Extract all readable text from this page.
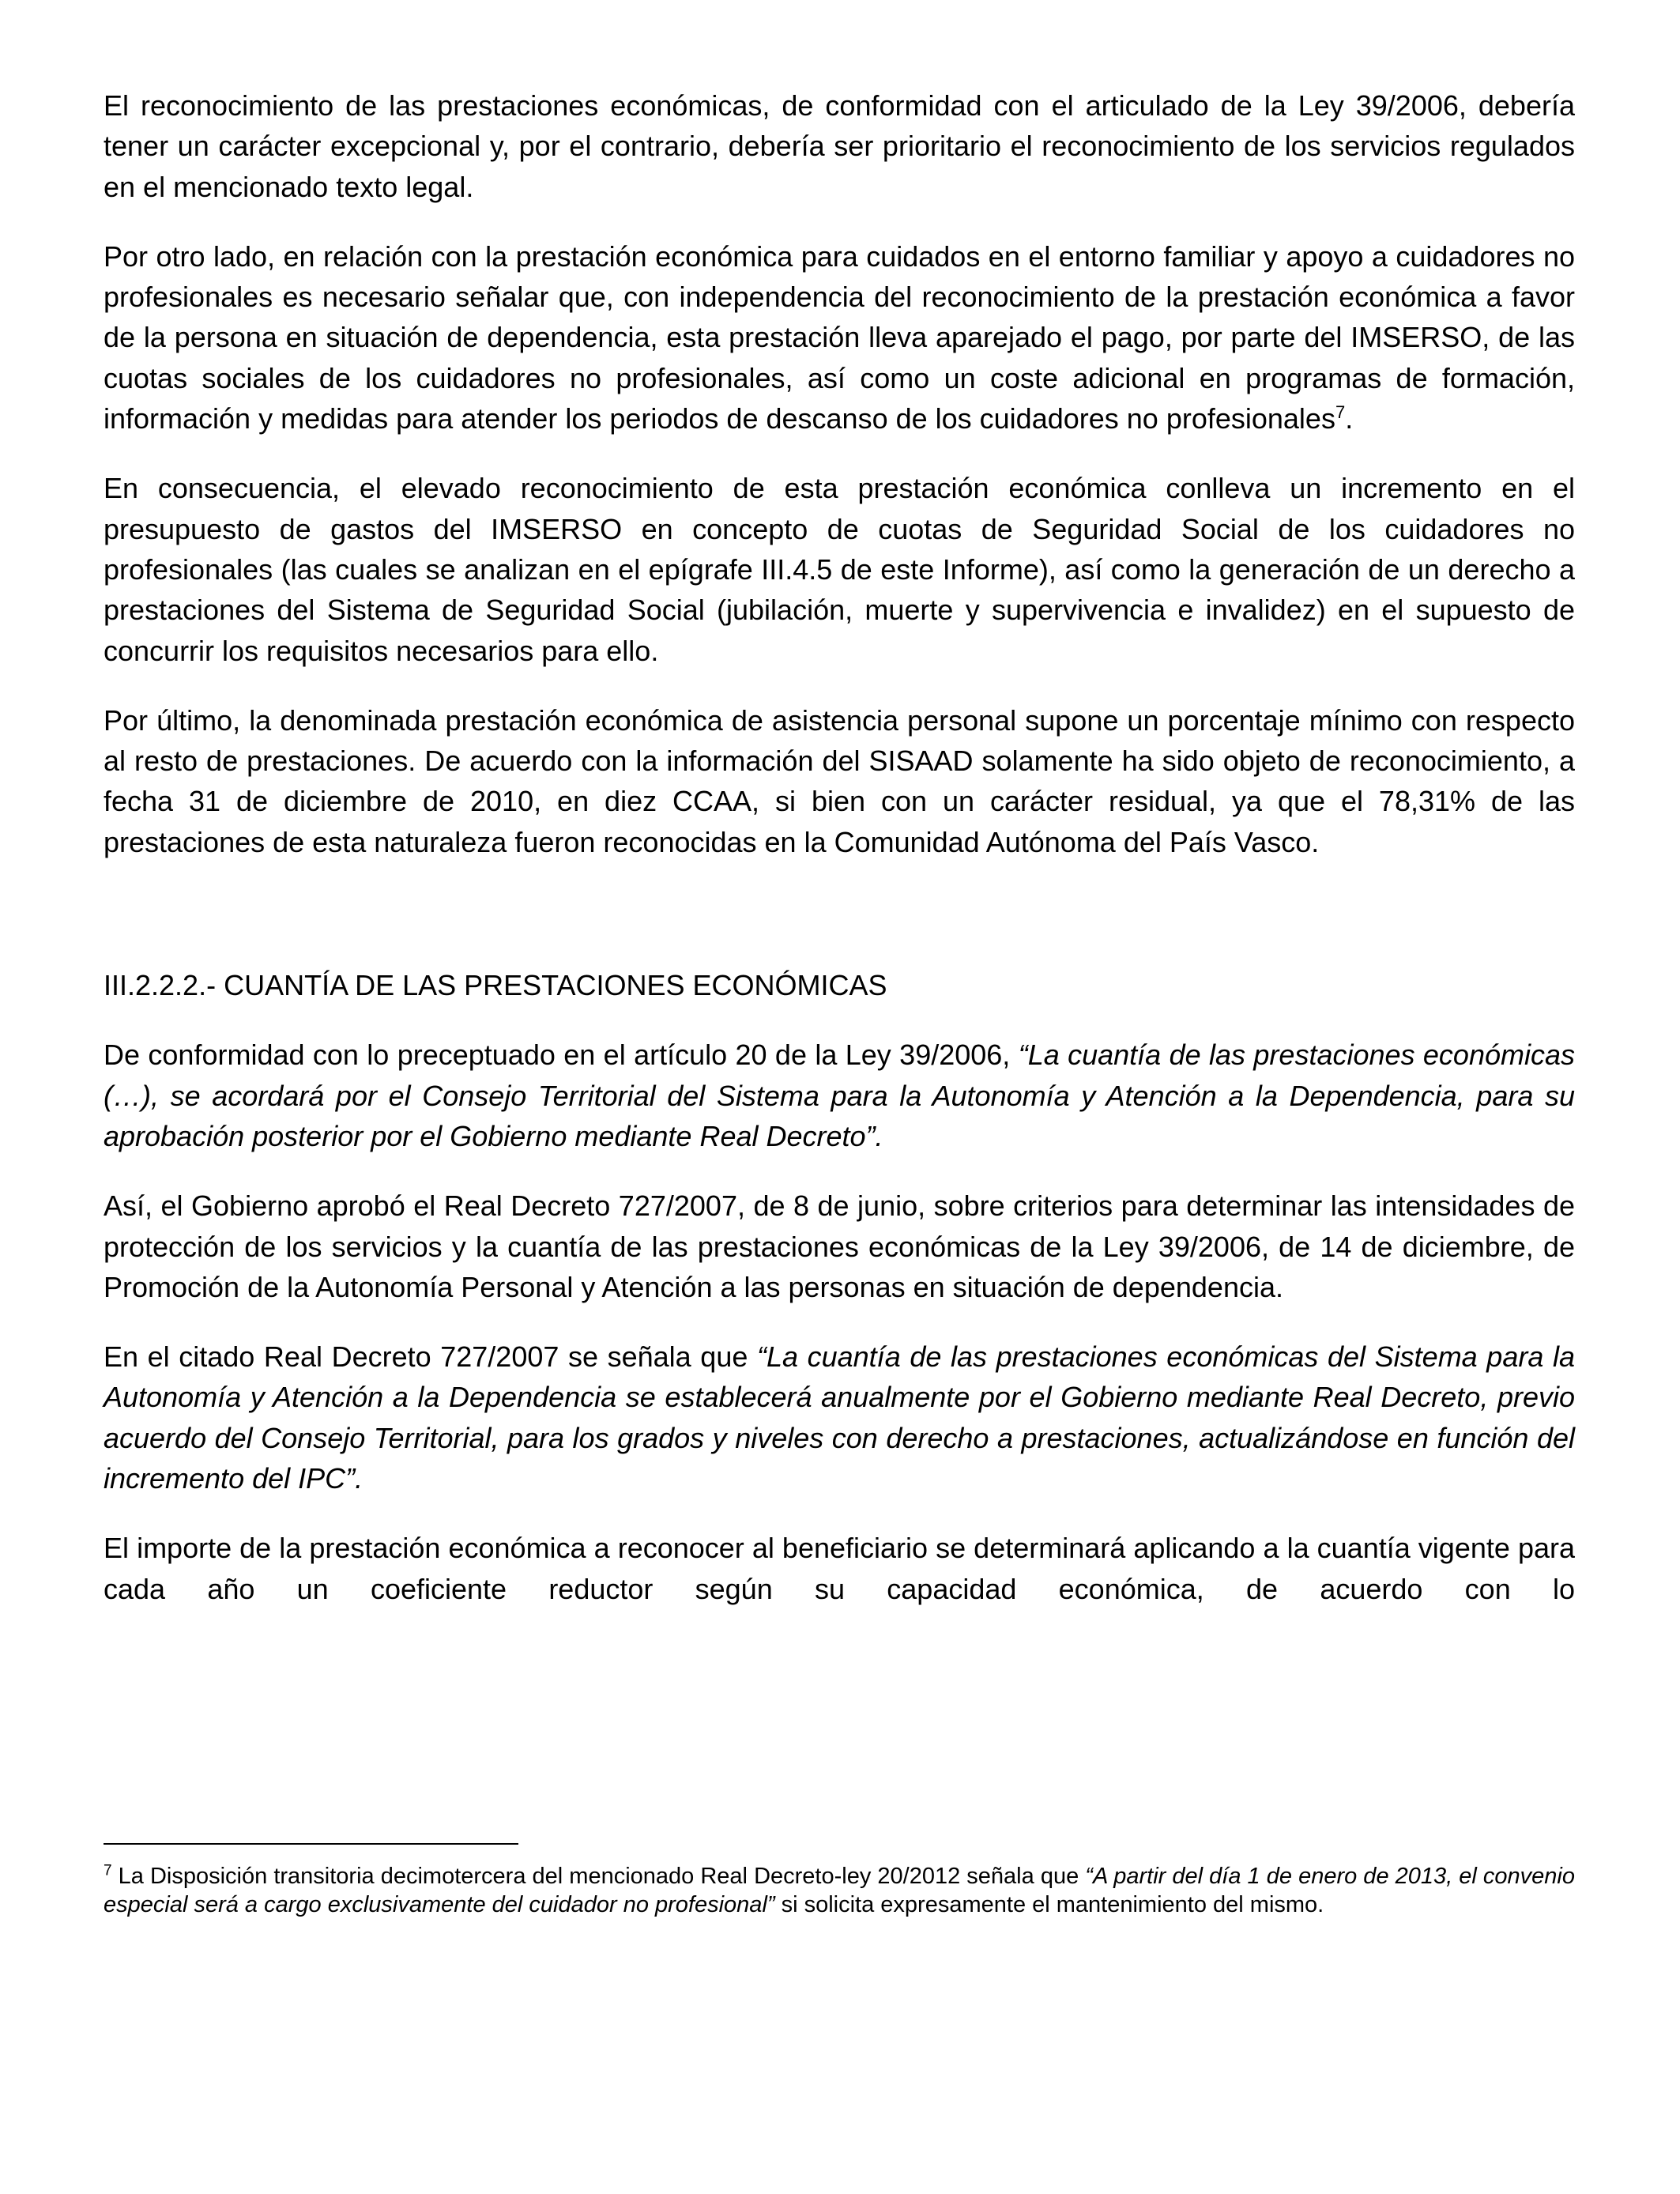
El reconocimiento de las prestaciones económicas, de conformidad con el articulado de la Ley 39/2006, debería tener un carácter excepcional y, por el contrario, debería ser prioritario el reconocimiento de los servicios regulados en el mencionado texto legal.

Por otro lado, en relación con la prestación económica para cuidados en el entorno familiar y apoyo a cuidadores no profesionales es necesario señalar que, con independencia del reconocimiento de la prestación económica a favor de la persona en situación de dependencia, esta prestación lleva aparejado el pago, por parte del IMSERSO, de las cuotas sociales de los cuidadores no profesionales, así como un coste adicional en programas de formación, información y medidas para atender los periodos de descanso de los cuidadores no profesionales$^7$.

En consecuencia, el elevado reconocimiento de esta prestación económica conlleva un incremento en el presupuesto de gastos del IMSERSO en concepto de cuotas de Seguridad Social de los cuidadores no profesionales (las cuales se analizan en el epígrafe III.4.5 de este Informe), así como la generación de un derecho a prestaciones del Sistema de Seguridad Social (jubilación, muerte y supervivencia e invalidez) en el supuesto de concurrir los requisitos necesarios para ello.

Por último, la denominada prestación económica de asistencia personal supone un porcentaje mínimo con respecto al resto de prestaciones. De acuerdo con la información del SISAAD solamente ha sido objeto de reconocimiento, a fecha 31 de diciembre de 2010, en diez CCAA, si bien con un carácter residual, ya que el 78,31% de las prestaciones de esta naturaleza fueron reconocidas en la Comunidad Autónoma del País Vasco.

III.2.2.2.- CUANTÍA DE LAS PRESTACIONES ECONÓMICAS

De conformidad con lo preceptuado en el artículo 20 de la Ley 39/2006, “La cuantía de las prestaciones económicas (…), se acordará por el Consejo Territorial del Sistema para la Autonomía y Atención a la Dependencia, para su aprobación posterior por el Gobierno mediante Real Decreto”.

Así, el Gobierno aprobó el Real Decreto 727/2007, de 8 de junio, sobre criterios para determinar las intensidades de protección de los servicios y la cuantía de las prestaciones económicas de la Ley 39/2006, de 14 de diciembre, de Promoción de la Autonomía Personal y Atención a las personas en situación de dependencia.

En el citado Real Decreto 727/2007 se señala que “La cuantía de las prestaciones económicas del Sistema para la Autonomía y Atención a la Dependencia se establecerá anualmente por el Gobierno mediante Real Decreto, previo acuerdo del Consejo Territorial, para los grados y niveles con derecho a prestaciones, actualizándose en función del incremento del IPC”.

El importe de la prestación económica a reconocer al beneficiario se determinará aplicando a la cuantía vigente para cada año un coeficiente reductor según su capacidad económica, de acuerdo con lo

$^7$ La Disposición transitoria decimotercera del mencionado Real Decreto-ley 20/2012 señala que “A partir del día 1 de enero de 2013, el convenio especial será a cargo exclusivamente del cuidador no profesional” si solicita expresamente el mantenimiento del mismo.
